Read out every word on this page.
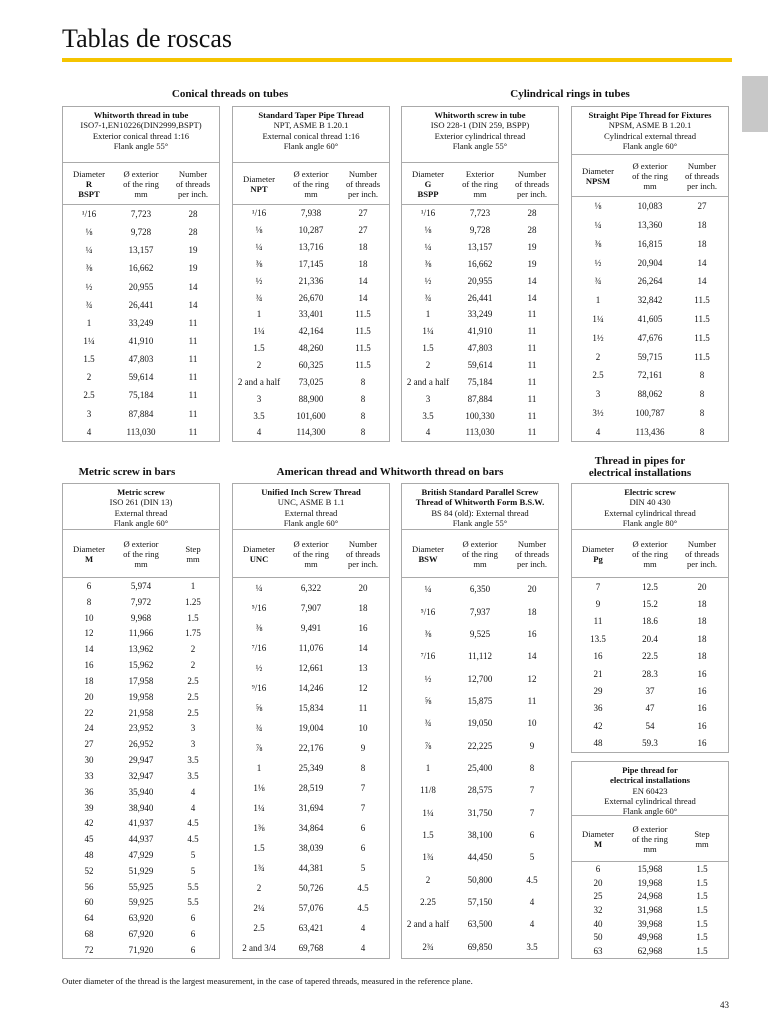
Tablas de roscas
Conical threads on tubes	Cylindrical rings in tubes
Metric screw in bars	American thread and Whitworth thread on bars
Thread in pipes for electrical installations
Whitworth thread in tube
ISO7-1,EN10226(DIN2999,BSPT)
Exterior conical thread 1:16
Flank angle 55°
Diameter
R
BSPT
Ø exterior
of the ring
mm
Number
of threads
per inch.
¹/16	7,723	28
⅛	9,728	28
¼	13,157	19
⅜	16,662	19
½	20,955	14
¾	26,441	14
1	33,249	11
1¼	41,910	11
1.5	47,803	11
2	59,614	11
2.5	75,184	11
3	87,884	11
4	113,030	11
Standard Taper Pipe Thread
NPT, ASME B 1.20.1
External conical thread 1:16
Flank angle 60°
Diameter
NPT
Ø exterior
of the ring
mm
Number
of threads
per inch.
¹/16	7,938	27
⅛	10,287	27
¼	13,716	18
⅜	17,145	18
½	21,336	14
¾	26,670	14
1	33,401	11.5
1¼	42,164	11.5
1.5	48,260	11.5
2	60,325	11.5
2 and a half	73,025	8
3	88,900	8
3.5	101,600	8
4	114,300	8
Whitworth screw in tube
ISO 228-1 (DIN 259, BSPP)
Exterior cylindrical thread
Flank angle 55°
Diameter
G
BSPP
Exterior
of the ring
mm
Number
of threads
per inch.
¹/16	7,723	28
⅛	9,728	28
¼	13,157	19
⅜	16,662	19
½	20,955	14
¾	26,441	14
1	33,249	11
1¼	41,910	11
1.5	47,803	11
2	59,614	11
2 and a half	75,184	11
3	87,884	11
3.5	100,330	11
4	113,030	11
Straight Pipe Thread for Fixtures
NPSM, ASME B 1.20.1
Cylindrical external thread
Flank angle 60°
Diameter
NPSM
Ø exterior
of the ring
mm
Number
of threads
per inch.
⅛	10,083	27
¼	13,360	18
⅜	16,815	18
½	20,904	14
¾	26,264	14
1	32,842	11.5
1¼	41,605	11.5
1½	47,676	11.5
2	59,715	11.5
2.5	72,161	8
3	88,062	8
3½	100,787	8
4	113,436	8
Metric screw
ISO 261 (DIN 13)
External thread
Flank angle 60°
Diameter
M
Ø exterior
of the ring
mm
Step
mm
6	5,974	1
8	7,972	1.25
10	9,968	1.5
12	11,966	1.75
14	13,962	2
16	15,962	2
18	17,958	2.5
20	19,958	2.5
22	21,958	2.5
24	23,952	3
27	26,952	3
30	29,947	3.5
33	32,947	3.5
36	35,940	4
39	38,940	4
42	41,937	4.5
45	44,937	4.5
48	47,929	5
52	51,929	5
56	55,925	5.5
60	59,925	5.5
64	63,920	6
68	67,920	6
72	71,920	6
Unified Inch Screw Thread
UNC, ASME B 1.1
External thread
Flank angle 60°
Diameter
UNC
Ø exterior
of the ring
mm
Number
of threads
per inch.
¼	6,322	20
⁵/16	7,907	18
⅜	9,491	16
⁷/16	11,076	14
½	12,661	13
⁹/16	14,246	12
⅝	15,834	11
¾	19,004	10
⅞	22,176	9
1	25,349	8
1⅛	28,519	7
1¼	31,694	7
1⅜	34,864	6
1.5	38,039	6
1¾	44,381	5
2	50,726	4.5
2¼	57,076	4.5
2.5	63,421	4
2 and 3/4	69,768	4
British Standard Parallel Screw
Thread of Whitworth Form B.S.W.
BS 84 (old): External thread
Flank angle 55°
Diameter
BSW
Ø exterior
of the ring
mm
Number
of threads
per inch.
¼	6,350	20
⁵/16	7,937	18
⅜	9,525	16
⁷/16	11,112	14
½	12,700	12
⅝	15,875	11
¾	19,050	10
⅞	22,225	9
1	25,400	8
11/8	28,575	7
1¼	31,750	7
1.5	38,100	6
1¾	44,450	5
2	50,800	4.5
2.25	57,150	4
2 and a half	63,500	4
2¾	69,850	3.5
Electric screw
DIN 40 430
External cylindrical thread
Flank angle 80°
Diameter
Pg
Ø exterior
of the ring
mm
Number
of threads
per inch.
7	12.5	20
9	15.2	18
11	18.6	18
13.5	20.4	18
16	22.5	18
21	28.3	16
29	37	16
36	47	16
42	54	16
48	59.3	16
Pipe thread for
electrical installations
EN 60423
External cylindrical thread
Flank angle 60°
Diameter
M
Ø exterior
of the ring
mm
Step
mm
6	15,968	1.5
20	19,968	1.5
25	24,968	1.5
32	31,968	1.5
40	39,968	1.5
50	49,968	1.5
63	62,968	1.5
Outer diameter of the thread is the largest measurement, in the case of tapered threads, measured in the reference plane.
43
